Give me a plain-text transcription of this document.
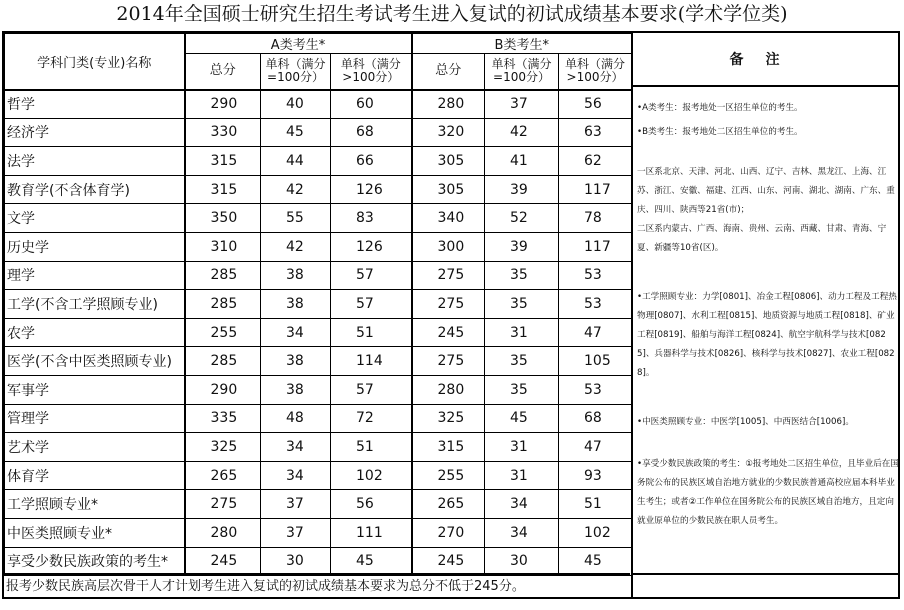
2014年全国硕士研究生招生考试考生进入复试的初试成绩基本要求(学术学位类)
学科门类(专业)名称	A类考生*			B类考生*		
	总分	单科（满分=100分）	单科（满分>100分）	总分	单科（满分=100分）	单科（满分>100分）
哲学	290	40	60	280	37	56
经济学	330	45	68	320	42	63
法学	315	44	66	305	41	62
教育学(不含体育学)	315	42	126	305	39	117
文学	350	55	83	340	52	78
历史学	310	42	126	300	39	117
理学	285	38	57	275	35	53
工学(不含工学照顾专业)	285	38	57	275	35	53
农学	255	34	51	245	31	47
医学(不含中医类照顾专业)	285	38	114	275	35	105
军事学	290	38	57	280	35	53
管理学	335	48	72	325	45	68
艺术学	325	34	51	315	31	47
体育学	265	34	102	255	31	93
工学照顾专业*	275	37	56	265	34	51
中医类照顾专业*	280	37	111	270	34	102
享受少数民族政策的考生*	245	30	45	245	30	45
备注
•A类考生：报考地处一区招生单位的考生。
•B类考生：报考地处二区招生单位的考生。
一区系北京、天津、河北、山西、辽宁、吉林、黑龙江、上海、江苏、浙江、安徽、福建、江西、山东、河南、湖北、湖南、广东、重庆、四川、陕西等21省(市)；
二区系内蒙古、广西、海南、贵州、云南、西藏、甘肃、青海、宁夏、新疆等10省(区)。
•工学照顾专业：力学[0801]、冶金工程[0806]、动力工程及工程热物理[0807]、水利工程[0815]、地质资源与地质工程[0818]、矿业工程[0819]、船舶与海洋工程[0824]、航空宇航科学与技术[0825]、兵器科学与技术[0826]、核科学与技术[0827]、农业工程[0828]。
•中医类照顾专业：中医学[1005]、中西医结合[1006]。
•享受少数民族政策的考生：①报考地处二区招生单位，且毕业后在国务院公布的民族区域自治地方就业的少数民族普通高校应届本科毕业生考生；或者②工作单位在国务院公布的民族区域自治地方，且定向就业原单位的少数民族在职人员考生。
报考少数民族高层次骨干人才计划考生进入复试的初试成绩基本要求为总分不低于245分。
